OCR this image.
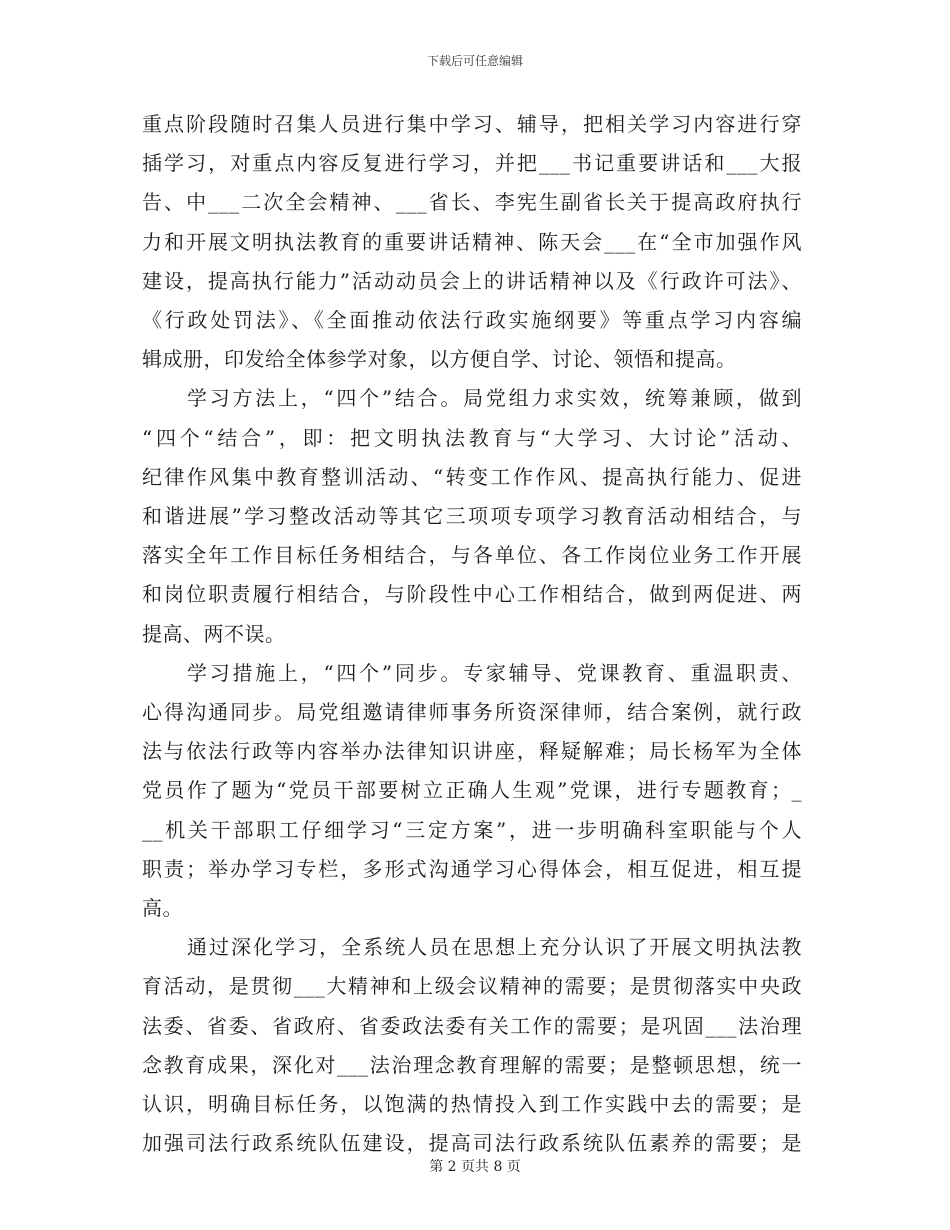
下载后可任意编辑

重点阶段随时召集人员进行集中学习、辅导，把相关学习内容进行穿
插学习，对重点内容反复进行学习，并把___书记重要讲话和___大报
告、中___二次全会精神、___省长、李宪生副省长关于提高政府执行
力和开展文明执法教育的重要讲话精神、陈天会___在“全市加强作风
建设，提高执行能力”活动动员会上的讲话精神以及《行政许可法》、
《行政处罚法》、《全面推动依法行政实施纲要》等重点学习内容编
辑成册，印发给全体参学对象，以方便自学、讨论、领悟和提高。

学习方法上，“四个”结合。局党组力求实效，统筹兼顾，做到
“四个“结合”，即：把文明执法教育与“大学习、大讨论”活动、
纪律作风集中教育整训活动、“转变工作作风、提高执行能力、促进
和谐进展”学习整改活动等其它三项项专项学习教育活动相结合，与
落实全年工作目标任务相结合，与各单位、各工作岗位业务工作开展
和岗位职责履行相结合，与阶段性中心工作相结合，做到两促进、两
提高、两不误。

学习措施上，“四个”同步。专家辅导、党课教育、重温职责、
心得沟通同步。局党组邀请律师事务所资深律师，结合案例，就行政
法与依法行政等内容举办法律知识讲座，释疑解难；局长杨军为全体
党员作了题为“党员干部要树立正确人生观”党课，进行专题教育；_
__机关干部职工仔细学习“三定方案”，进一步明确科室职能与个人
职责；举办学习专栏，多形式沟通学习心得体会，相互促进，相互提
高。

通过深化学习，全系统人员在思想上充分认识了开展文明执法教
育活动，是贯彻___大精神和上级会议精神的需要；是贯彻落实中央政
法委、省委、省政府、省委政法委有关工作的需要；是巩固___法治理
念教育成果，深化对___法治理念教育理解的需要；是整顿思想，统一
认识，明确目标任务，以饱满的热情投入到工作实践中去的需要；是
加强司法行政系统队伍建设，提高司法行政系统队伍素养的需要；是

第 2 页共 8 页
